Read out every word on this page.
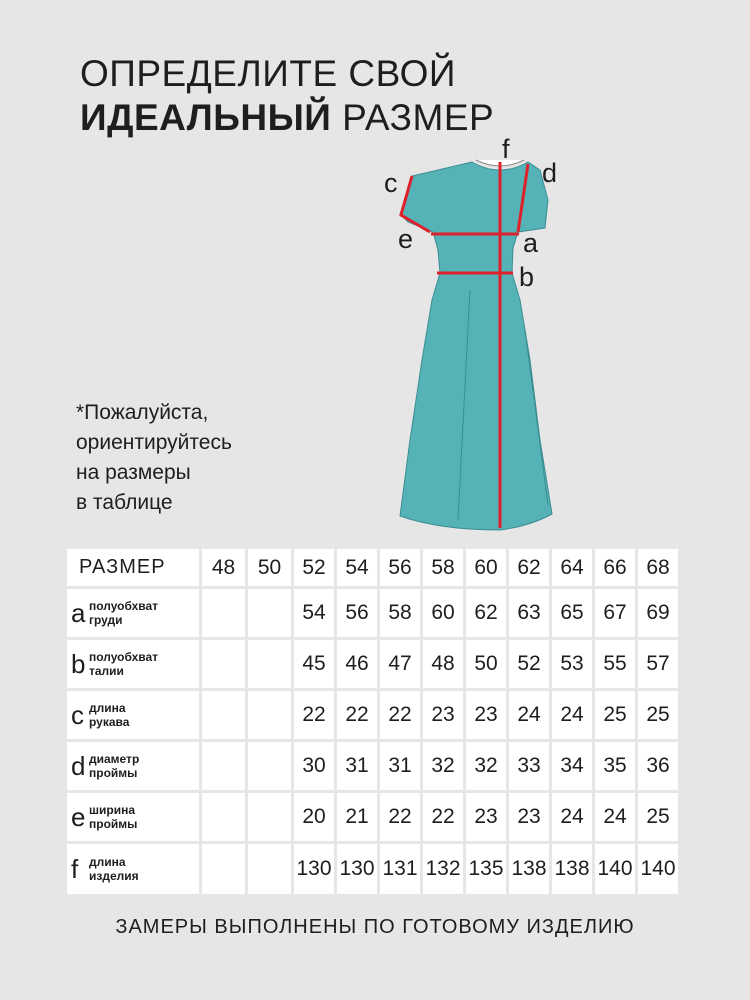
ОПРЕДЕЛИТЕ СВОЙ
ИДЕАЛЬНЫЙ РАЗМЕР
*Пожалуйста,
ориентируйтесь
на размеры
в таблице
c	d
f
e	a
b
РАЗМЕР	48	50	52	54	56	58	60	62	64	66	68
a полуобхват
груди			54	56	58	60	62	63	65	67	69
b полуобхват
талии			45	46	47	48	50	52	53	55	57
c длина
рукава			22	22	22	23	23	24	24	25	25
d диаметр
проймы			30	31	31	32	32	33	34	35	36
e ширина
проймы			20	21	22	22	23	23	24	24	25
f длина
изделия			130	130	131	132	135	138	138	140	140
ЗАМЕРЫ ВЫПОЛНЕНЫ ПО ГОТОВОМУ ИЗДЕЛИЮ
